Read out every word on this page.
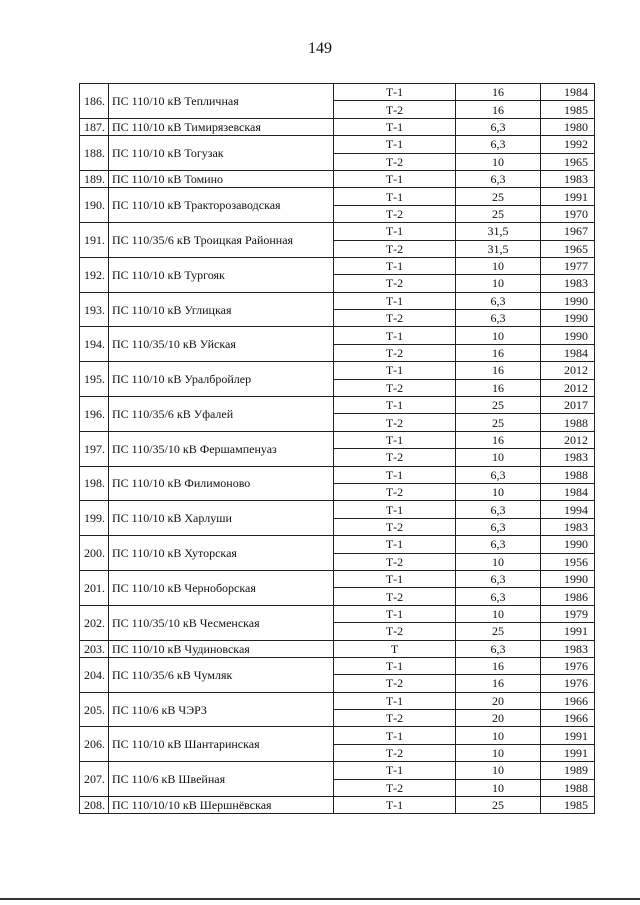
149
186.	ПС 110/10 кВ Тепличная	Т-1	16	1984
		Т-2	16	1985
187.	ПС 110/10 кВ Тимирязевская	Т-1	6,3	1980
188.	ПС 110/10 кВ Тогузак	Т-1	6,3	1992
		Т-2	10	1965
189.	ПС 110/10 кВ Томино	Т-1	6,3	1983
190.	ПС 110/10 кВ Тракторозаводская	Т-1	25	1991
		Т-2	25	1970
191.	ПС 110/35/6 кВ Троицкая Районная	Т-1	31,5	1967
		Т-2	31,5	1965
192.	ПС 110/10 кВ Тургояк	Т-1	10	1977
		Т-2	10	1983
193.	ПС 110/10 кВ Углицкая	Т-1	6,3	1990
		Т-2	6,3	1990
194.	ПС 110/35/10 кВ Уйская	Т-1	10	1990
		Т-2	16	1984
195.	ПС 110/10 кВ Уралбройлер	Т-1	16	2012
		Т-2	16	2012
196.	ПС 110/35/6 кВ Уфалей	Т-1	25	2017
		Т-2	25	1988
197.	ПС 110/35/10 кВ Фершампенуаз	Т-1	16	2012
		Т-2	10	1983
198.	ПС 110/10 кВ Филимоново	Т-1	6,3	1988
		Т-2	10	1984
199.	ПС 110/10 кВ Харлуши	Т-1	6,3	1994
		Т-2	6,3	1983
200.	ПС 110/10 кВ Хуторская	Т-1	6,3	1990
		Т-2	10	1956
201.	ПС 110/10 кВ Черноборская	Т-1	6,3	1990
		Т-2	6,3	1986
202.	ПС 110/35/10 кВ Чесменская	Т-1	10	1979
		Т-2	25	1991
203.	ПС 110/10 кВ Чудиновская	Т	6,3	1983
204.	ПС 110/35/6 кВ Чумляк	Т-1	16	1976
		Т-2	16	1976
205.	ПС 110/6 кВ ЧЭРЗ	Т-1	20	1966
		Т-2	20	1966
206.	ПС 110/10 кВ Шантаринская	Т-1	10	1991
		Т-2	10	1991
207.	ПС 110/6 кВ Швейная	Т-1	10	1989
		Т-2	10	1988
208.	ПС 110/10/10 кВ Шершнёвская	Т-1	25	1985
